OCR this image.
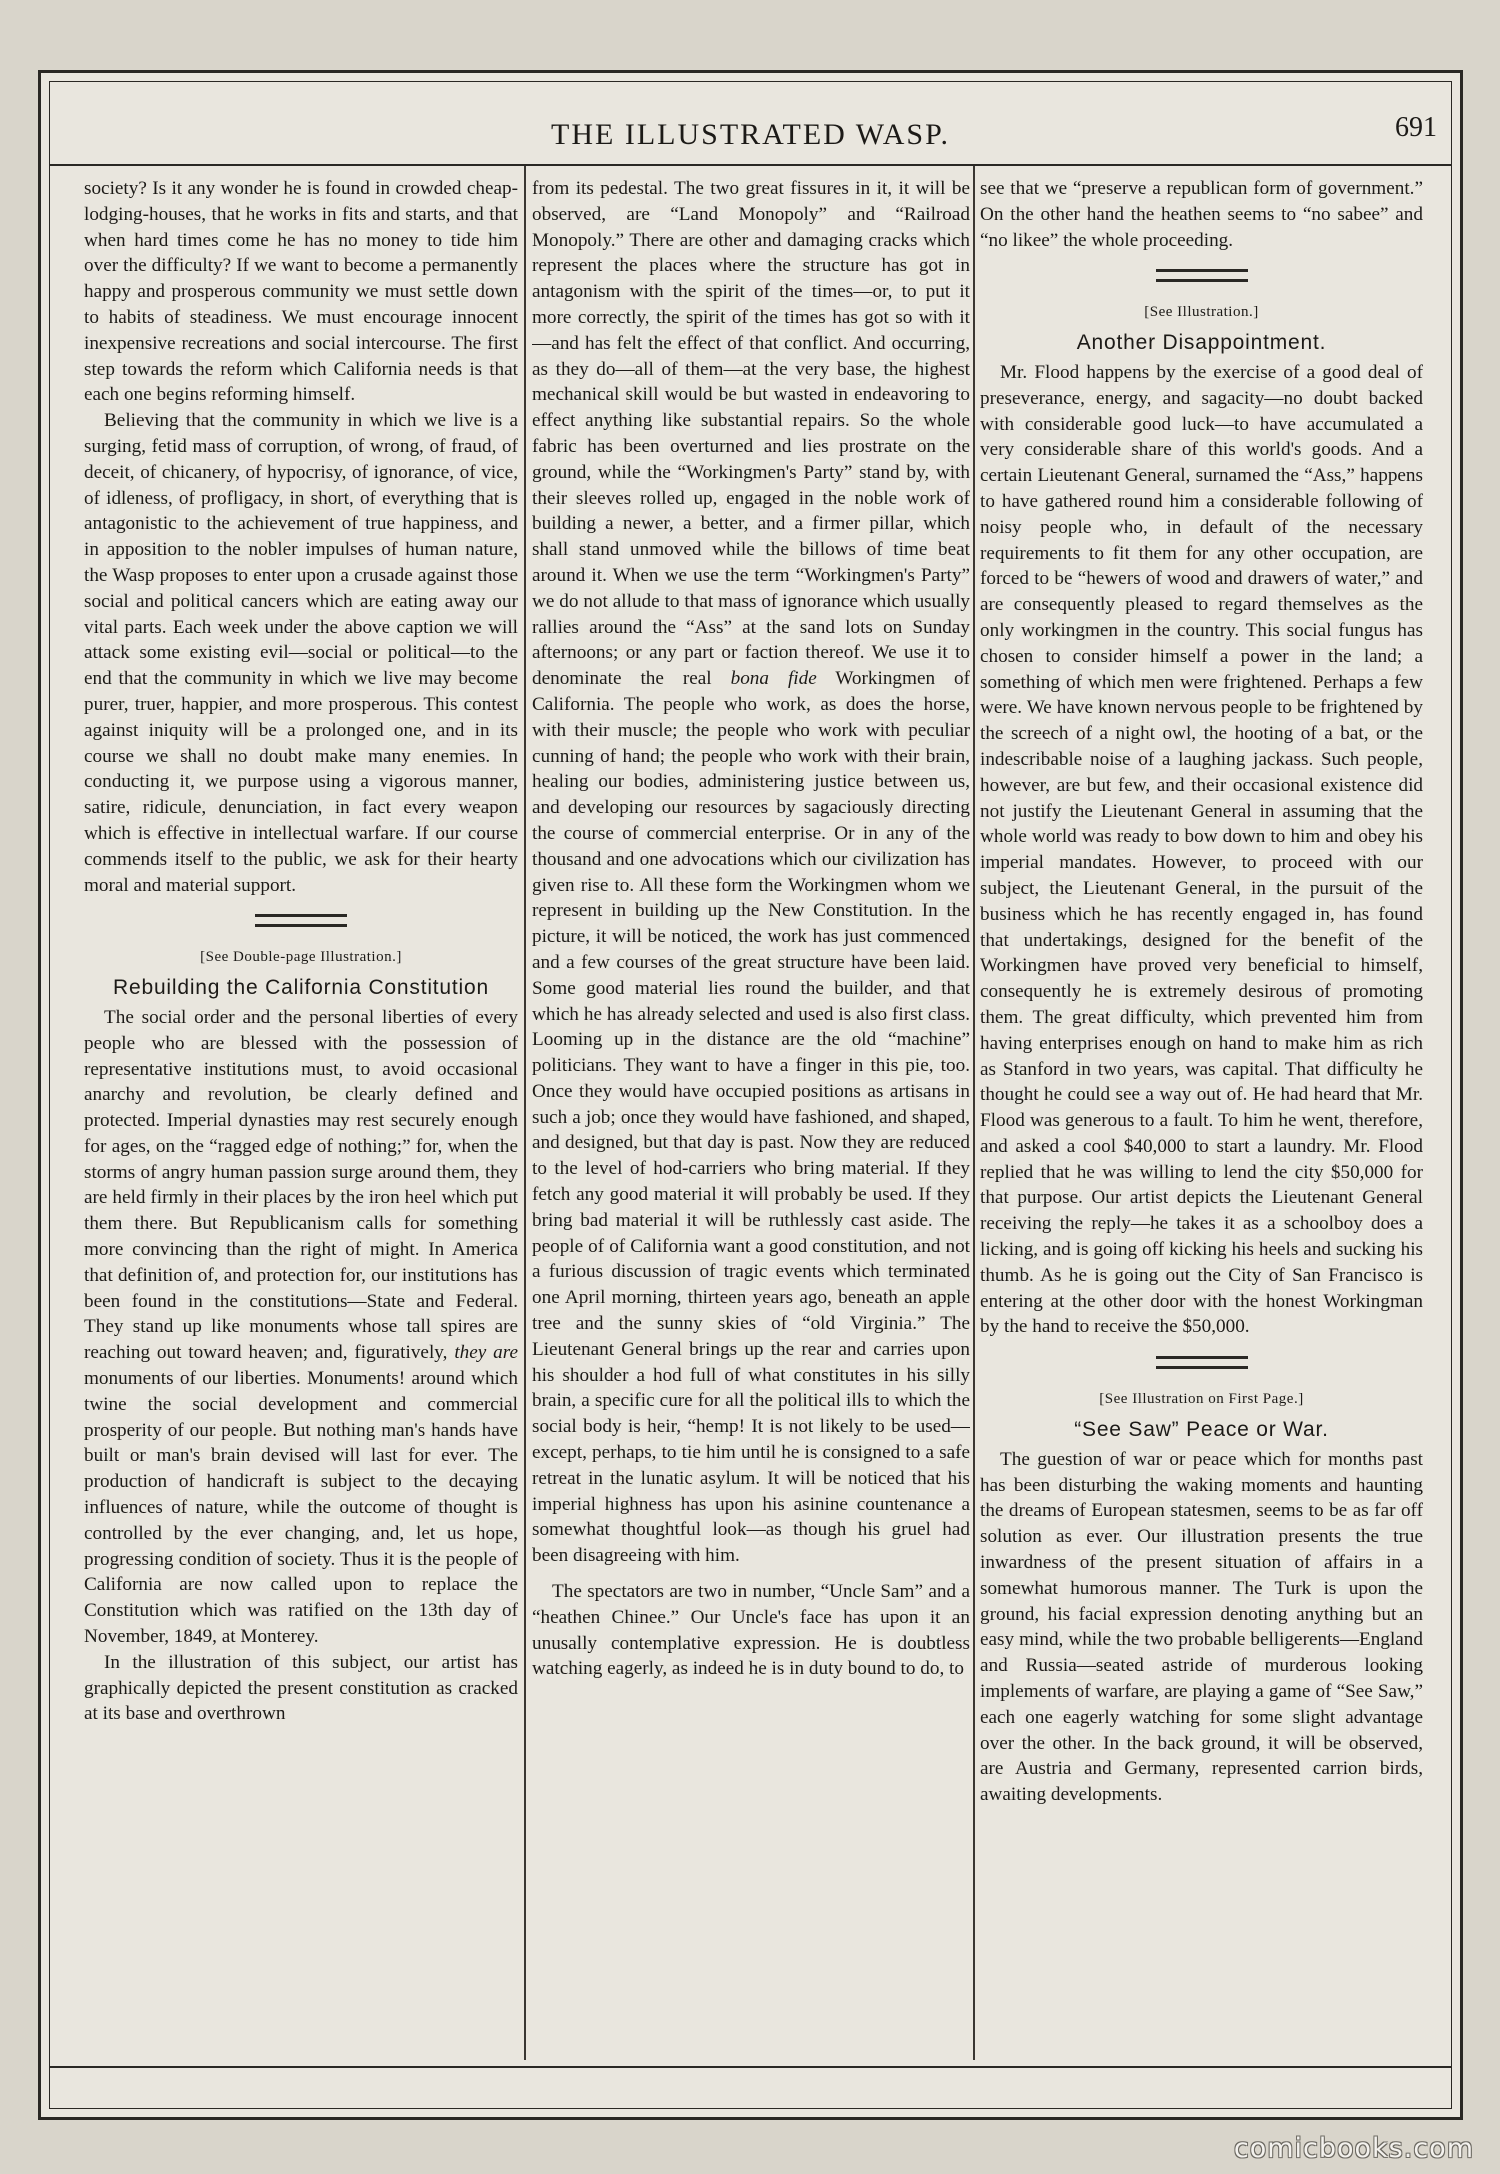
THE ILLUSTRATED WASP.	691

society? Is it any wonder he is found in crowded cheap-lodging-houses, that he works in fits and starts, and that when hard times come he has no money to tide him over the difficulty? If we want to become a permanently happy and prosperous community we must settle down to habits of steadiness. We must encourage innocent inexpensive recreations and social intercourse. The first step towards the reform which California needs is that each one begins reforming himself.

Believing that the community in which we live is a surging, fetid mass of corruption, of wrong, of fraud, of deceit, of chicanery, of hypocrisy, of ignorance, of vice, of idleness, of profligacy, in short, of everything that is antagonistic to the achievement of true happiness, and in apposition to the nobler impulses of human nature, the Wasp proposes to enter upon a crusade against those social and political cancers which are eating away our vital parts. Each week under the above caption we will attack some existing evil—social or political—to the end that the community in which we live may become purer, truer, happier, and more prosperous. This contest against iniquity will be a prolonged one, and in its course we shall no doubt make many enemies. In conducting it, we purpose using a vigorous manner, satire, ridicule, denunciation, in fact every weapon which is effective in intellectual warfare. If our course commends itself to the public, we ask for their hearty moral and material support.

[See Double-page Illustration.]

Rebuilding the California Constitution

The social order and the personal liberties of every people who are blessed with the possession of representative institutions must, to avoid occasional anarchy and revolution, be clearly defined and protected. Imperial dynasties may rest securely enough for ages, on the “ragged edge of nothing;” for, when the storms of angry human passion surge around them, they are held firmly in their places by the iron heel which put them there. But Republicanism calls for something more convincing than the right of might. In America that definition of, and protection for, our institutions has been found in the constitutions—State and Federal. They stand up like monuments whose tall spires are reaching out toward heaven; and, figuratively, they are monuments of our liberties. Monuments! around which twine the social development and commercial prosperity of our people. But nothing man's hands have built or man's brain devised will last for ever. The production of handicraft is subject to the decaying influences of nature, while the outcome of thought is controlled by the ever changing, and, let us hope, progressing condition of society. Thus it is the people of California are now called upon to replace the Constitution which was ratified on the 13th day of November, 1849, at Monterey.

In the illustration of this subject, our artist has graphically depicted the present constitution as cracked at its base and overthrown

from its pedestal. The two great fissures in it, it will be observed, are “Land Monopoly” and “Railroad Monopoly.” There are other and damaging cracks which represent the places where the structure has got in antagonism with the spirit of the times—or, to put it more correctly, the spirit of the times has got so with it—and has felt the effect of that conflict. And occurring, as they do—all of them—at the very base, the highest mechanical skill would be but wasted in endeavoring to effect anything like substantial repairs. So the whole fabric has been overturned and lies prostrate on the ground, while the “Workingmen's Party” stand by, with their sleeves rolled up, engaged in the noble work of building a newer, a better, and a firmer pillar, which shall stand unmoved while the billows of time beat around it. When we use the term “Workingmen's Party” we do not allude to that mass of ignorance which usually rallies around the “Ass” at the sand lots on Sunday afternoons; or any part or faction thereof. We use it to denominate the real bona fide Workingmen of California. The people who work, as does the horse, with their muscle; the people who work with peculiar cunning of hand; the people who work with their brain, healing our bodies, administering justice between us, and developing our resources by sagaciously directing the course of commercial enterprise. Or in any of the thousand and one advocations which our civilization has given rise to. All these form the Workingmen whom we represent in building up the New Constitution. In the picture, it will be noticed, the work has just commenced and a few courses of the great structure have been laid. Some good material lies round the builder, and that which he has already selected and used is also first class. Looming up in the distance are the old “machine” politicians. They want to have a finger in this pie, too. Once they would have occupied positions as artisans in such a job; once they would have fashioned, and shaped, and designed, but that day is past. Now they are reduced to the level of hod-carriers who bring material. If they fetch any good material it will probably be used. If they bring bad material it will be ruthlessly cast aside. The people of of California want a good constitution, and not a furious discussion of tragic events which terminated one April morning, thirteen years ago, beneath an apple tree and the sunny skies of “old Virginia.” The Lieutenant General brings up the rear and carries upon his shoulder a hod full of what constitutes in his silly brain, a specific cure for all the political ills to which the social body is heir, “hemp! It is not likely to be used—except, perhaps, to tie him until he is consigned to a safe retreat in the lunatic asylum. It will be noticed that his imperial highness has upon his asinine countenance a somewhat thoughtful look—as though his gruel had been disagreeing with him.

The spectators are two in number, “Uncle Sam” and a “heathen Chinee.” Our Uncle's face has upon it an unusally contemplative expression. He is doubtless watching eagerly, as indeed he is in duty bound to do, to

see that we “preserve a republican form of government.” On the other hand the heathen seems to “no sabee” and “no likee” the whole proceeding.

[See Illustration.]

Another Disappointment.

Mr. Flood happens by the exercise of a good deal of preseverance, energy, and sagacity—no doubt backed with considerable good luck—to have accumulated a very considerable share of this world's goods. And a certain Lieutenant General, surnamed the “Ass,” happens to have gathered round him a considerable following of noisy people who, in default of the necessary requirements to fit them for any other occupation, are forced to be “hewers of wood and drawers of water,” and are consequently pleased to regard themselves as the only workingmen in the country. This social fungus has chosen to consider himself a power in the land; a something of which men were frightened. Perhaps a few were. We have known nervous people to be frightened by the screech of a night owl, the hooting of a bat, or the indescribable noise of a laughing jackass. Such people, however, are but few, and their occasional existence did not justify the Lieutenant General in assuming that the whole world was ready to bow down to him and obey his imperial mandates. However, to proceed with our subject, the Lieutenant General, in the pursuit of the business which he has recently engaged in, has found that undertakings, designed for the benefit of the Workingmen have proved very beneficial to himself, consequently he is extremely desirous of promoting them. The great difficulty, which prevented him from having enterprises enough on hand to make him as rich as Stanford in two years, was capital. That difficulty he thought he could see a way out of. He had heard that Mr. Flood was generous to a fault. To him he went, therefore, and asked a cool $40,000 to start a laundry. Mr. Flood replied that he was willing to lend the city $50,000 for that purpose. Our artist depicts the Lieutenant General receiving the reply—he takes it as a schoolboy does a licking, and is going off kicking his heels and sucking his thumb. As he is going out the City of San Francisco is entering at the other door with the honest Workingman by the hand to receive the $50,000.

[See Illustration on First Page.]

“See Saw” Peace or War.

The guestion of war or peace which for months past has been disturbing the waking moments and haunting the dreams of European statesmen, seems to be as far off solution as ever. Our illustration presents the true inwardness of the present situation of affairs in a somewhat humorous manner. The Turk is upon the ground, his facial expression denoting anything but an easy mind, while the two probable belligerents—England and Russia—seated astride of murderous looking implements of warfare, are playing a game of “See Saw,” each one eagerly watching for some slight advantage over the other. In the back ground, it will be observed, are Austria and Germany, represented carrion birds, awaiting developments.

comicbooks.com
